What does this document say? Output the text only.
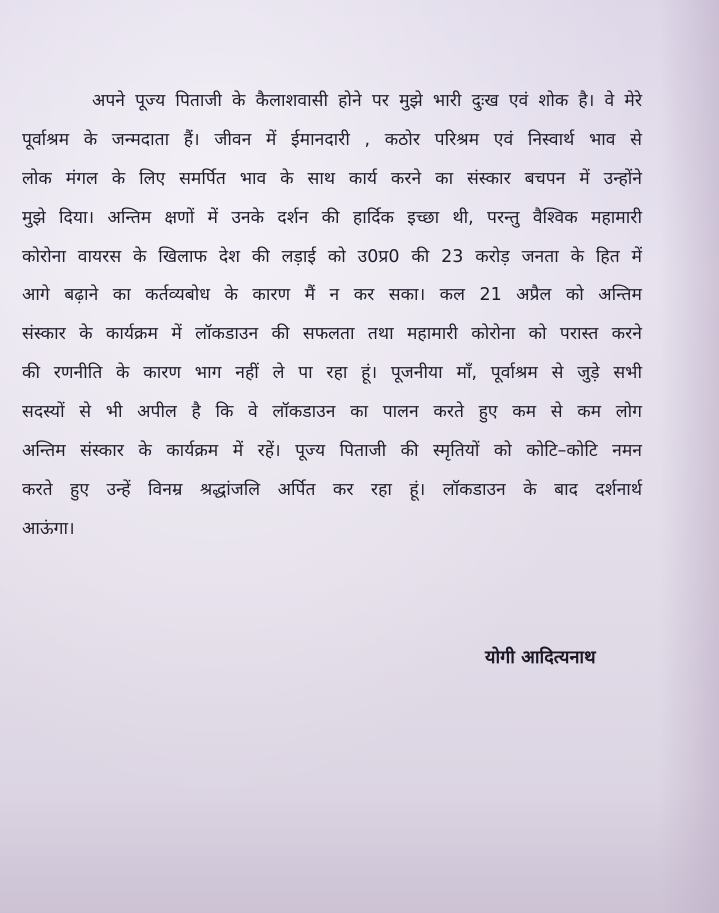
अपने पूज्य पिताजी के कैलाशवासी होने पर मुझे भारी दुःख एवं शोक है। वे मेरे
पूर्वाश्रम के जन्मदाता हैं। जीवन में ईमानदारी , कठोर परिश्रम एवं निस्वार्थ भाव से
लोक मंगल के लिए समर्पित भाव के साथ कार्य करने का संस्कार बचपन में उन्होंने
मुझे दिया। अन्तिम क्षणों में उनके दर्शन की हार्दिक इच्छा थी, परन्तु वैश्विक महामारी
कोरोना वायरस के खिलाफ देश की लड़ाई को उ0प्र0 की 23 करोड़ जनता के हित में
आगे बढ़ाने का कर्तव्यबोध के कारण मैं न कर सका। कल 21 अप्रैल को अन्तिम
संस्कार के कार्यक्रम में लॉकडाउन की सफलता तथा महामारी कोरोना को परास्त करने
की रणनीति के कारण भाग नहीं ले पा रहा हूं। पूजनीया माँ, पूर्वाश्रम से जुड़े सभी
सदस्यों से भी अपील है कि वे लॉकडाउन का पालन करते हुए कम से कम लोग
अन्तिम संस्कार के कार्यक्रम में रहें। पूज्य पिताजी की स्मृतियों को कोटि–कोटि नमन
करते हुए उन्हें विनम्र श्रद्धांजलि अर्पित कर रहा हूं। लॉकडाउन के बाद दर्शनार्थ
आऊंगा।
योगी आदित्यनाथ
